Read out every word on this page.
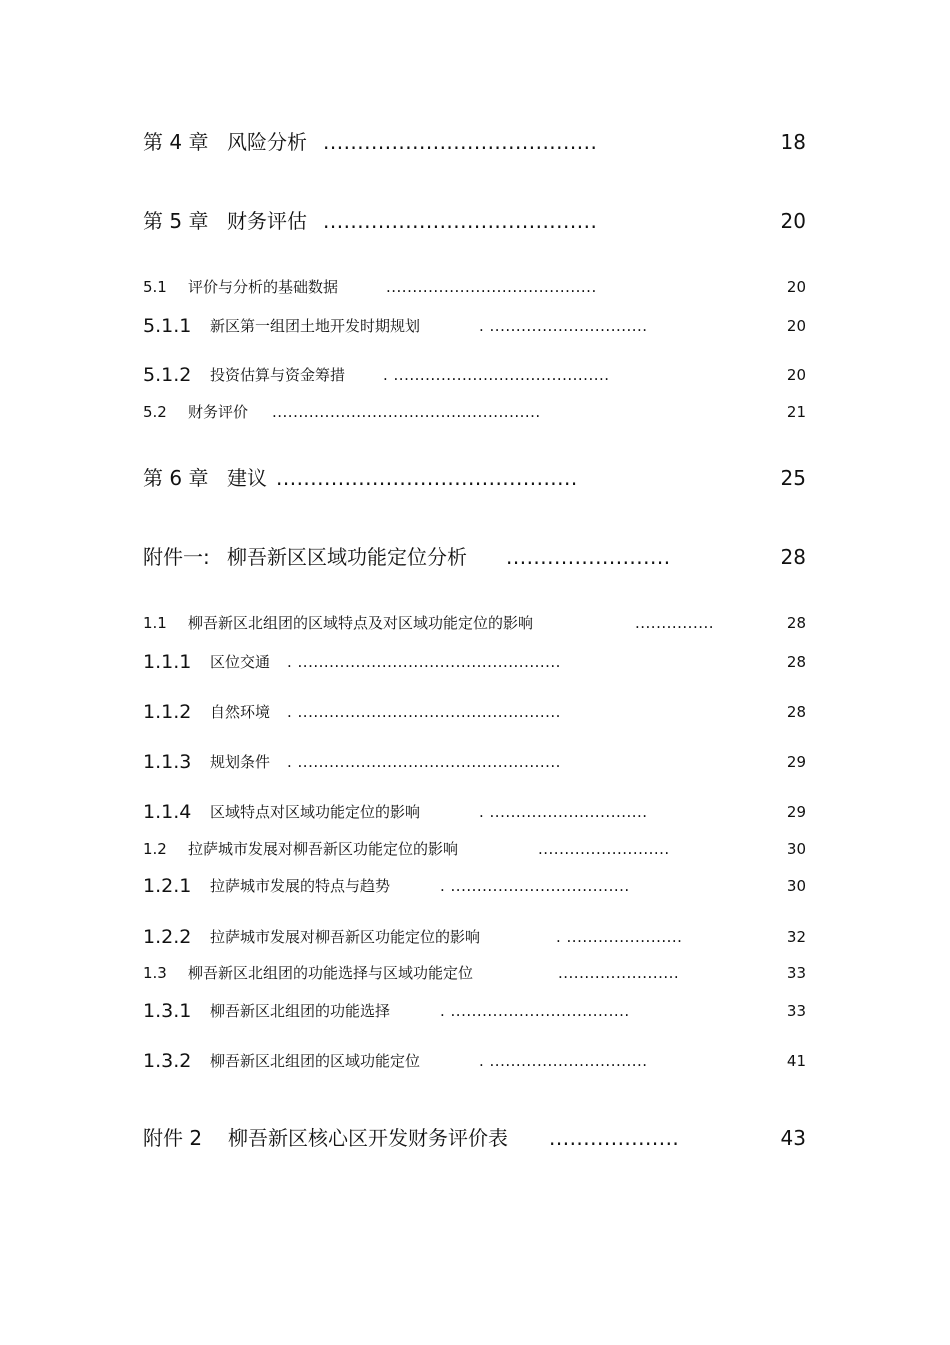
第 4 章 风险分析 ........................................	18
第 5 章 财务评估 ........................................	20
5.1 评价与分析的基础数据	........................................	20
5.1.1 新区第一组团土地开发时期规划	. ..............................	20
5.1.2 投资估算与资金筹措	. .........................................	20
5.2 财务评价 ...................................................	21
第 6 章 建议 ............................................	25
附件一: 柳吾新区区域功能定位分析 ........................	28
1.1 柳吾新区北组团的区域特点及对区域功能定位的影响	...............	28
1.1.1 区位交通 . ..................................................	28
1.1.2 自然环境 . ..................................................	28
1.1.3 规划条件 . ..................................................	29
1.1.4 区域特点对区域功能定位的影响	. ..............................	29
1.2 拉萨城市发展对柳吾新区功能定位的影响	.........................	30
1.2.1 拉萨城市发展的特点与趋势	. ..................................	30
1.2.2 拉萨城市发展对柳吾新区功能定位的影响	. ......................	32
1.3 柳吾新区北组团的功能选择与区域功能定位	.......................	33
1.3.1 柳吾新区北组团的功能选择	. ..................................	33
1.3.2 柳吾新区北组团的区域功能定位	. ..............................	41
附件 2 柳吾新区核心区开发财务评价表 ...................	43
